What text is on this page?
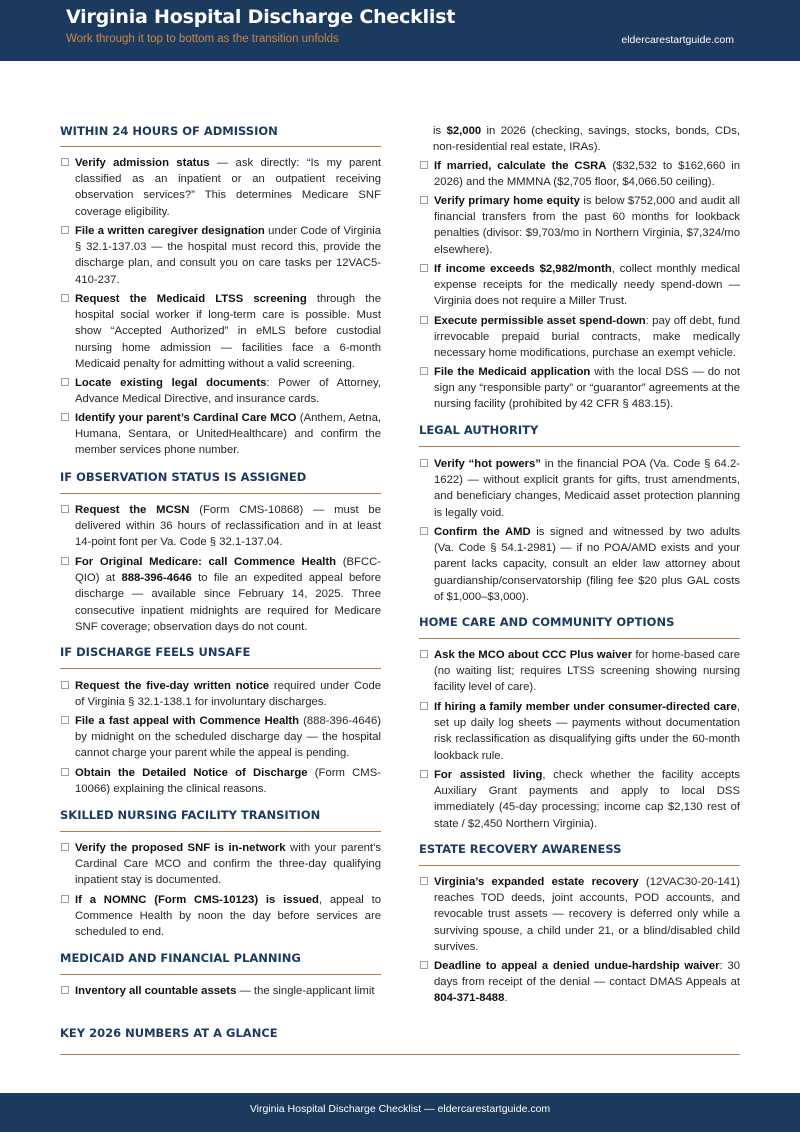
Virginia Hospital Discharge Checklist
Work through it top to bottom as the transition unfolds	eldercarestartguide.com
WITHIN 24 HOURS OF ADMISSION
Verify admission status — ask directly: “Is my parent classified as an inpatient or an outpatient receiving observation services?” This determines Medicare SNF coverage eligibility.
File a written caregiver designation under Code of Virginia § 32.1-137.03 — the hospital must record this, provide the discharge plan, and consult you on care tasks per 12VAC5-410-237.
Request the Medicaid LTSS screening through the hospital social worker if long-term care is possible. Must show “Accepted Authorized” in eMLS before custodial nursing home admission — facilities face a 6-month Medicaid penalty for admitting without a valid screening.
Locate existing legal documents: Power of Attorney, Advance Medical Directive, and insurance cards.
Identify your parent’s Cardinal Care MCO (Anthem, Aetna, Humana, Sentara, or UnitedHealthcare) and confirm the member services phone number.
IF OBSERVATION STATUS IS ASSIGNED
Request the MCSN (Form CMS-10868) — must be delivered within 36 hours of reclassification and in at least 14-point font per Va. Code § 32.1-137.04.
For Original Medicare: call Commence Health (BFCC-QIO) at 888-396-4646 to file an expedited appeal before discharge — available since February 14, 2025. Three consecutive inpatient midnights are required for Medicare SNF coverage; observation days do not count.
IF DISCHARGE FEELS UNSAFE
Request the five-day written notice required under Code of Virginia § 32.1-138.1 for involuntary discharges.
File a fast appeal with Commence Health (888-396-4646) by midnight on the scheduled discharge day — the hospital cannot charge your parent while the appeal is pending.
Obtain the Detailed Notice of Discharge (Form CMS-10066) explaining the clinical reasons.
SKILLED NURSING FACILITY TRANSITION
Verify the proposed SNF is in-network with your parent’s Cardinal Care MCO and confirm the three-day qualifying inpatient stay is documented.
If a NOMNC (Form CMS-10123) is issued, appeal to Commence Health by noon the day before services are scheduled to end.
MEDICAID AND FINANCIAL PLANNING
Inventory all countable assets — the single-applicant limit
is $2,000 in 2026 (checking, savings, stocks, bonds, CDs, non-residential real estate, IRAs).
If married, calculate the CSRA ($32,532 to $162,660 in 2026) and the MMMNA ($2,705 floor, $4,066.50 ceiling).
Verify primary home equity is below $752,000 and audit all financial transfers from the past 60 months for lookback penalties (divisor: $9,703/mo in Northern Virginia, $7,324/mo elsewhere).
If income exceeds $2,982/month, collect monthly medical expense receipts for the medically needy spend-down — Virginia does not require a Miller Trust.
Execute permissible asset spend-down: pay off debt, fund irrevocable prepaid burial contracts, make medically necessary home modifications, purchase an exempt vehicle.
File the Medicaid application with the local DSS — do not sign any “responsible party” or “guarantor” agreements at the nursing facility (prohibited by 42 CFR § 483.15).
LEGAL AUTHORITY
Verify “hot powers” in the financial POA (Va. Code § 64.2-1622) — without explicit grants for gifts, trust amendments, and beneficiary changes, Medicaid asset protection planning is legally void.
Confirm the AMD is signed and witnessed by two adults (Va. Code § 54.1-2981) — if no POA/AMD exists and your parent lacks capacity, consult an elder law attorney about guardianship/conservatorship (filing fee $20 plus GAL costs of $1,000–$3,000).
HOME CARE AND COMMUNITY OPTIONS
Ask the MCO about CCC Plus waiver for home-based care (no waiting list; requires LTSS screening showing nursing facility level of care).
If hiring a family member under consumer-directed care, set up daily log sheets — payments without documentation risk reclassification as disqualifying gifts under the 60-month lookback rule.
For assisted living, check whether the facility accepts Auxiliary Grant payments and apply to local DSS immediately (45-day processing; income cap $2,130 rest of state / $2,450 Northern Virginia).
ESTATE RECOVERY AWARENESS
Virginia’s expanded estate recovery (12VAC30-20-141) reaches TOD deeds, joint accounts, POD accounts, and revocable trust assets — recovery is deferred only while a surviving spouse, a child under 21, or a blind/disabled child survives.
Deadline to appeal a denied undue-hardship waiver: 30 days from receipt of the denial — contact DMAS Appeals at 804-371-8488.
KEY 2026 NUMBERS AT A GLANCE
Virginia Hospital Discharge Checklist — eldercarestartguide.com
